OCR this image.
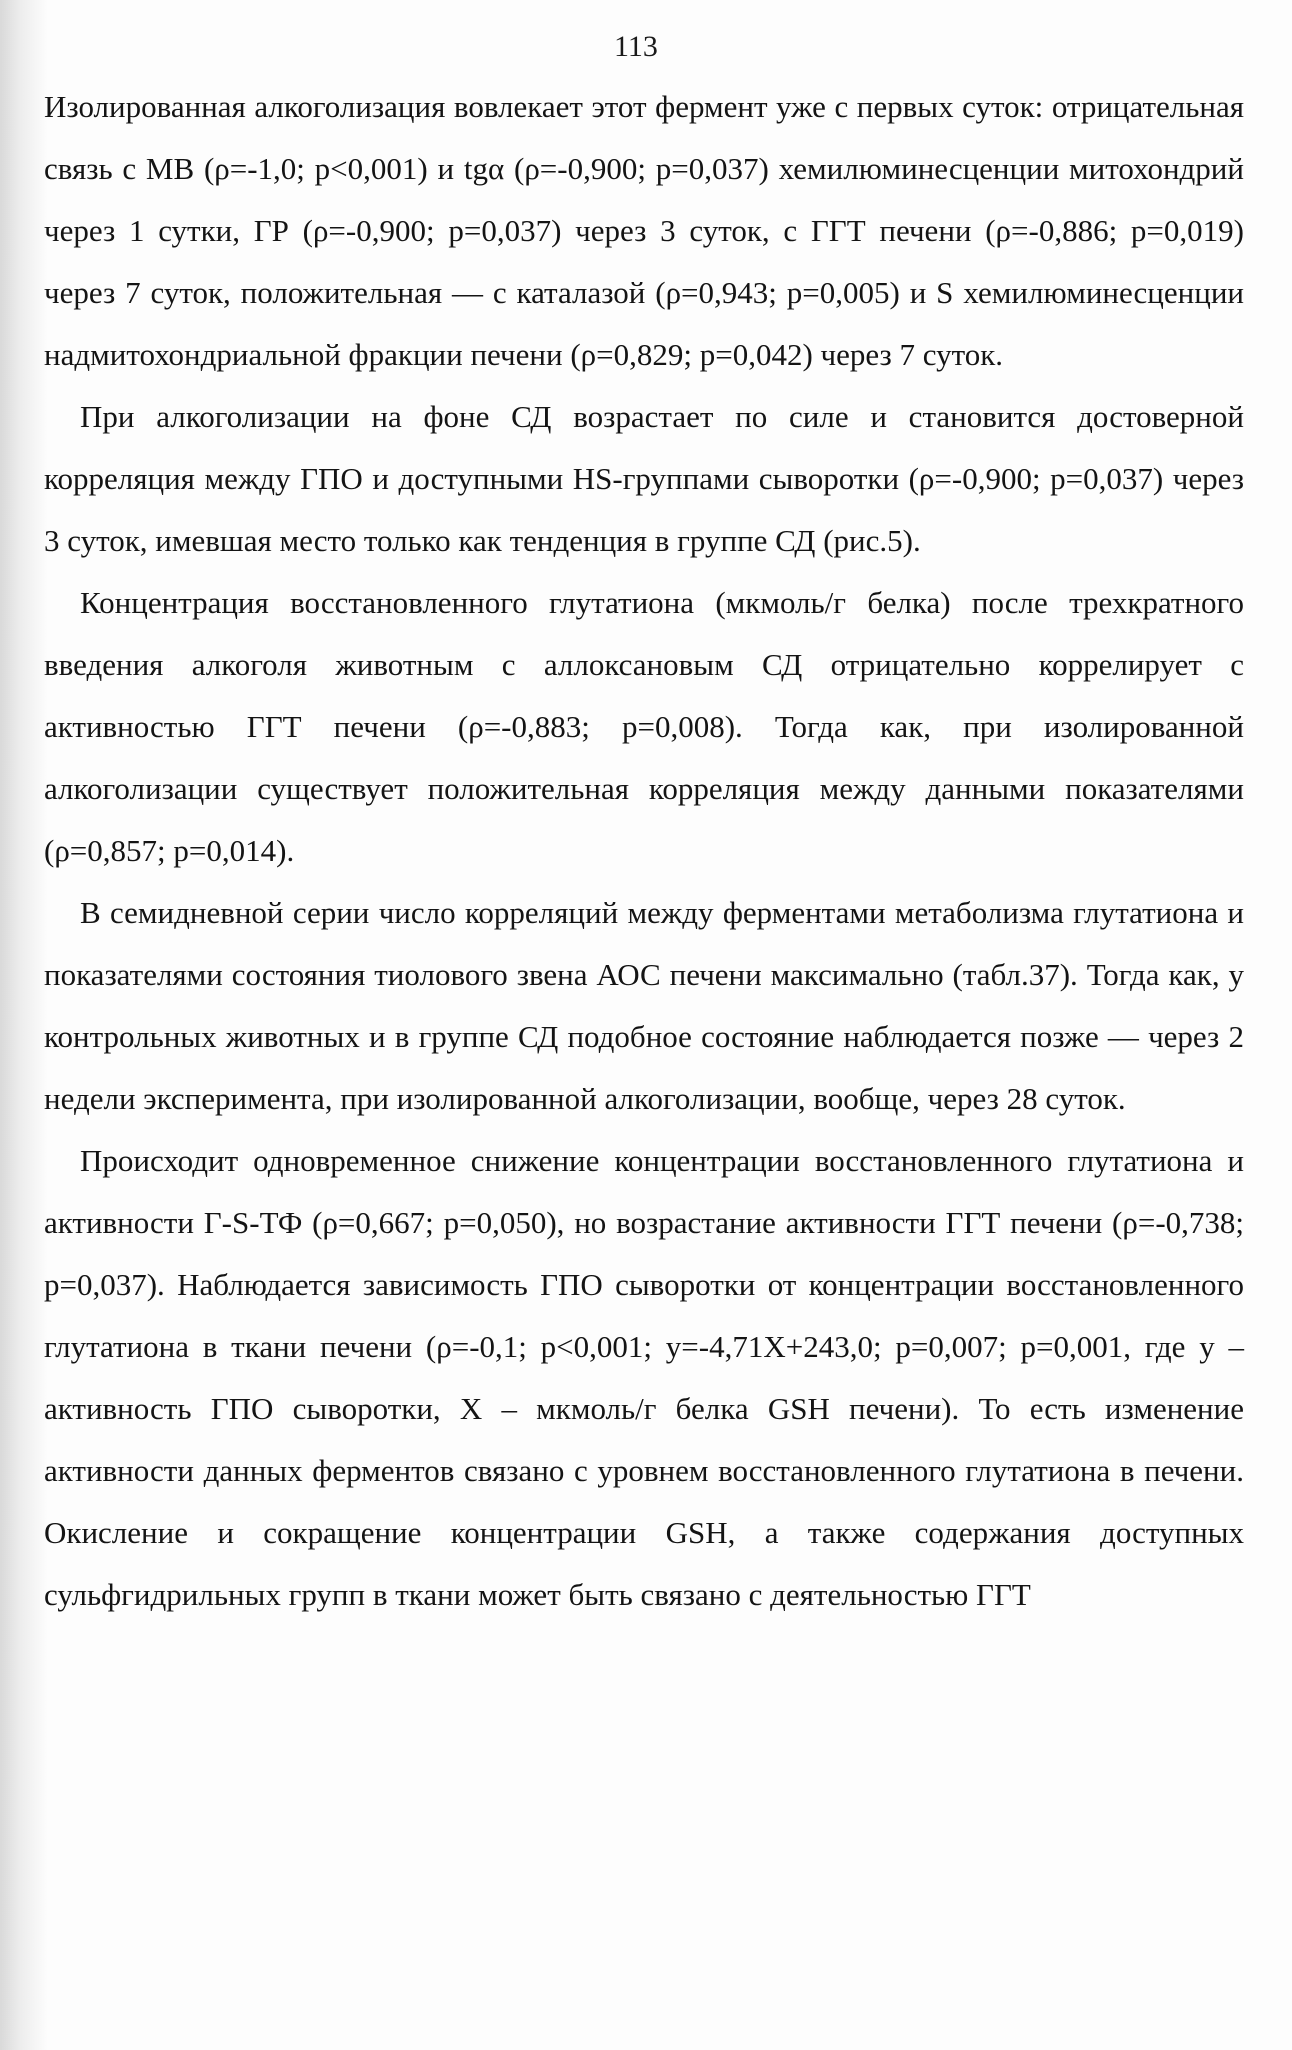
113

Изолированная алкоголизация вовлекает этот фермент уже с первых суток: отрицательная связь с МВ (ρ=-1,0; р<0,001) и tgα (ρ=-0,900; р=0,037) хемилюминесценции митохондрий через 1 сутки, ГР (ρ=-0,900; р=0,037) через 3 суток, с ГГТ печени (ρ=-0,886; р=0,019) через 7 суток, положительная — с каталазой (ρ=0,943; р=0,005) и S хемилюминесценции надмитохондриальной фракции печени (ρ=0,829; р=0,042) через 7 суток.

При алкоголизации на фоне СД возрастает по силе и становится достоверной корреляция между ГПО и доступными HS-группами сыворотки (ρ=-0,900; р=0,037) через 3 суток, имевшая место только как тенденция в группе СД (рис.5).

Концентрация восстановленного глутатиона (мкмоль/г белка) после трехкратного введения алкоголя животным с аллоксановым СД отрицательно коррелирует с активностью ГГТ печени (ρ=-0,883; р=0,008). Тогда как, при изолированной алкоголизации существует положительная корреляция между данными показателями (ρ=0,857; р=0,014).

В семидневной серии число корреляций между ферментами метаболизма глутатиона и показателями состояния тиолового звена АОС печени максимально (табл.37). Тогда как, у контрольных животных и в группе СД подобное состояние наблюдается позже — через 2 недели эксперимента, при изолированной алкоголизации, вообще, через 28 суток.

Происходит одновременное снижение концентрации восстановленного глутатиона и активности Г-S-ТФ (ρ=0,667; р=0,050), но возрастание активности ГГТ печени (ρ=-0,738; р=0,037). Наблюдается зависимость ГПО сыворотки от концентрации восстановленного глутатиона в ткани печени (ρ=-0,1; р<0,001; у=-4,71Х+243,0; р=0,007; р=0,001, где у – активность ГПО сыворотки, Х – мкмоль/г белка GSH печени). То есть изменение активности данных ферментов связано с уровнем восстановленного глутатиона в печени. Окисление и сокращение концентрации GSH, а также содержания доступных сульфгидрильных групп в ткани может быть связано с деятельностью ГГТ
